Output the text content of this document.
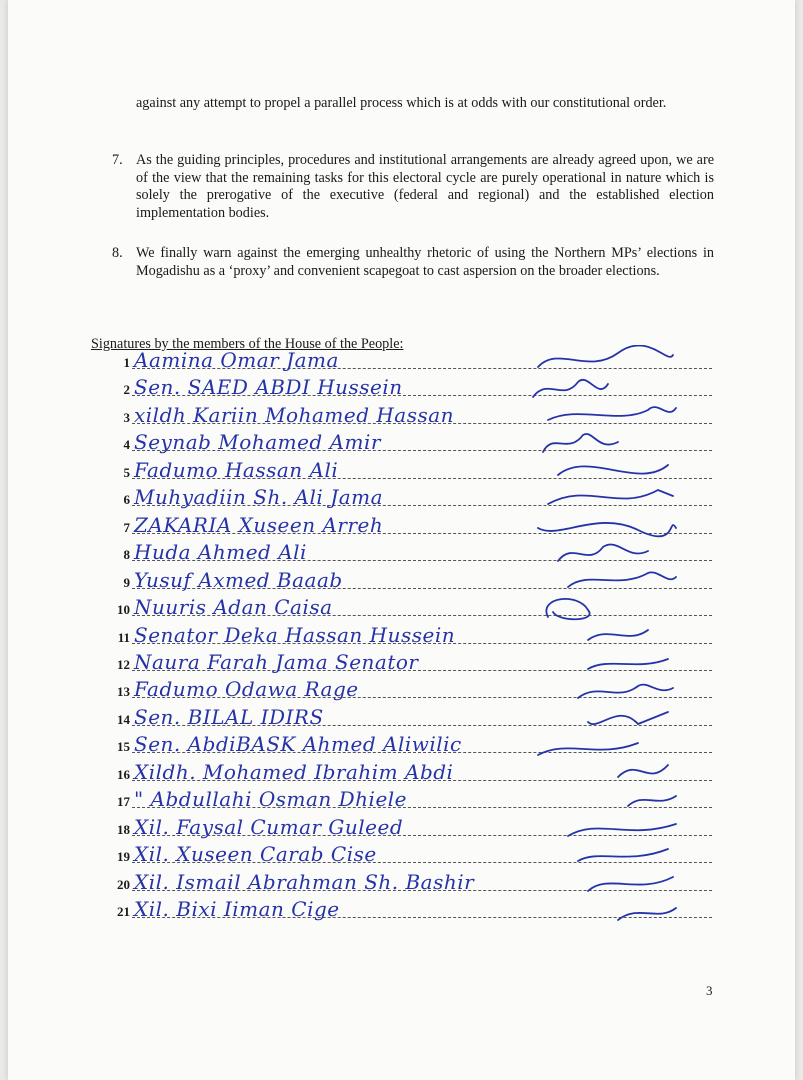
against any attempt to propel a parallel process which is at odds with our constitutional order.
7. As the guiding principles, procedures and institutional arrangements are already agreed upon, we are of the view that the remaining tasks for this electoral cycle are purely operational in nature which is solely the prerogative of the executive (federal and regional) and the established election implementation bodies.
8. We finally warn against the emerging unhealthy rhetoric of using the Northern MPs’ elections in Mogadishu as a ‘proxy’ and convenient scapegoat to cast aspersion on the broader elections.
Signatures by the members of the House of the People:
1 Aamina Omar Jama
2 Sen. SAED ABDI Hussein
3 xildh Kariin Mohamed Hassan
4 Seynab Mohamed Amir
5 Fadumo Hassan Ali
6 Muhyadiin Sh. Ali Jama
7 ZAKARIA Xuseen Arreh
8 Huda Ahmed Ali
9 Yusuf Axmed Baaab
10 Nuuris Adan Caisa
11 Senator Deka Hassan Hussein
12 Naura Farah Jama Senator
13 Fadumo Odawa Rage
14 Sen. BILAL IDIRS
15 Sen. AbdiBASK Ahmed Aliwilic
16 Xildh. Mohamed Ibrahim Abdi
17 " Abdullahi Osman Dhiele
18 Xil. Faysal Cumar Guleed
19 Xil. Xuseen Carab Cise
20 Xil. Ismail Abrahman Sh. Bashir
21 Xil. Bixi Iiman Cige
3
